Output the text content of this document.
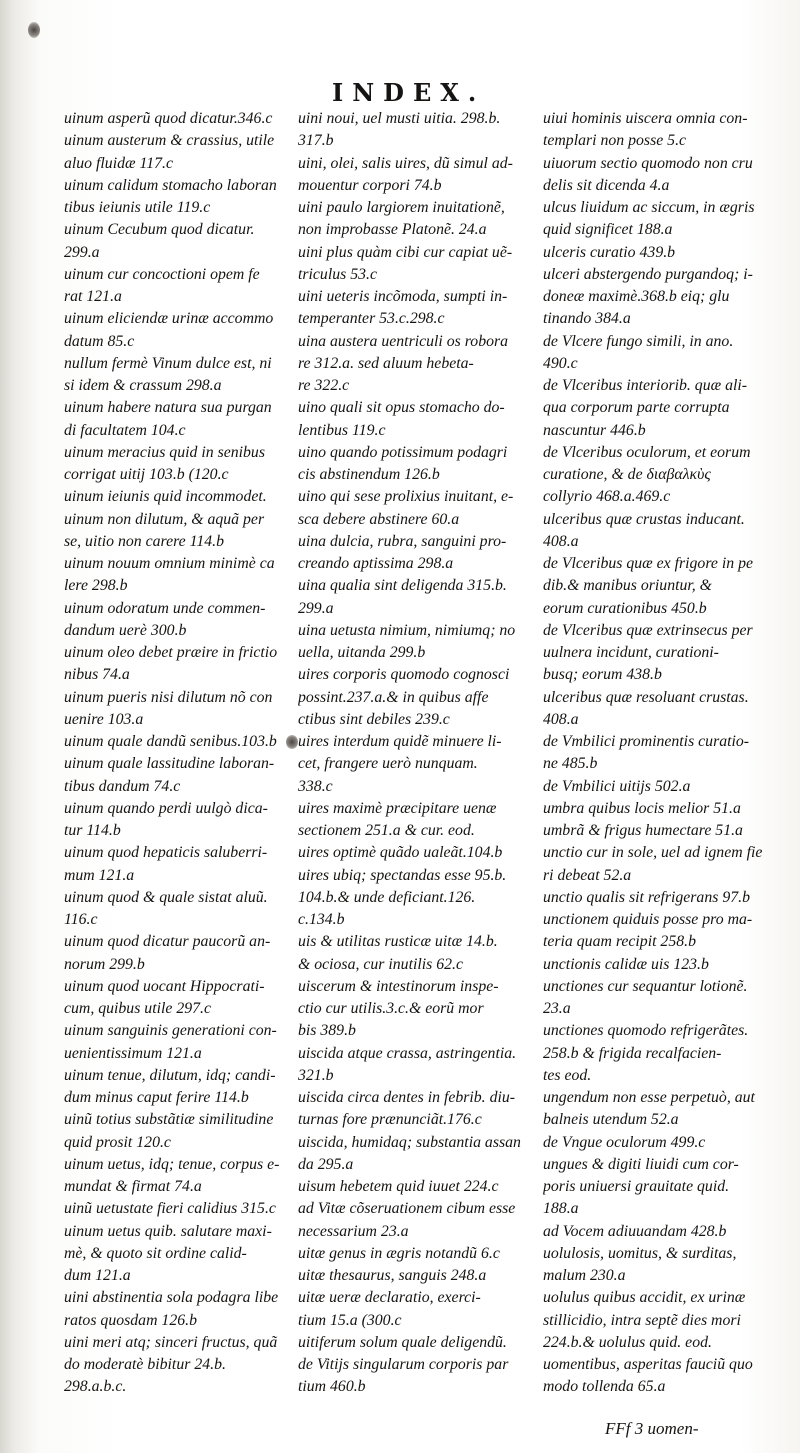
INDEX.
uinum asperũ quod dicatur.346.c
uinum austerum & crassius, utile
aluo fluidæ 117.c
uinum calidum stomacho laboran
tibus ieiunis utile 119.c
uinum Cecubum quod dicatur.
299.a
uinum cur concoctioni opem fe
rat 121.a
uinum eliciendæ urinæ accommo
datum 85.c
nullum fermè Vinum dulce est, ni
si idem & crassum 298.a
uinum habere natura sua purgan
di facultatem 104.c
uinum meracius quid in senibus
corrigat uitij 103.b (120.c
uinum ieiunis quid incommodet.
uinum non dilutum, & aquã per
se, uitio non carere 114.b
uinum nouum omnium minimè ca
lere 298.b
uinum odoratum unde commen-
dandum uerè 300.b
uinum oleo debet præire in frictio
nibus 74.a
uinum pueris nisi dilutum nõ con
uenire 103.a
uinum quale dandũ senibus.103.b
uinum quale lassitudine laboran-
tibus dandum 74.c
uinum quando perdi uulgò dica-
tur 114.b
uinum quod hepaticis saluberri-
mum 121.a
uinum quod & quale sistat aluũ.
116.c
uinum quod dicatur paucorũ an-
norum 299.b
uinum quod uocant Hippocrati-
cum, quibus utile 297.c
uinum sanguinis generationi con-
uenientissimum 121.a
uinum tenue, dilutum, idq; candi-
dum minus caput ferire 114.b
uinũ totius substãtiæ similitudine
quid prosit 120.c
uinum uetus, idq; tenue, corpus e-
mundat & firmat 74.a
uinũ uetustate fieri calidius 315.c
uinum uetus quib. salutare maxi-
mè, & quoto sit ordine calid-
dum 121.a
uini abstinentia sola podagra libe
ratos quosdam 126.b
uini meri atq; sinceri fructus, quã
do moderatè bibitur 24.b.
298.a.b.c.
uini noui, uel musti uitia. 298.b.
317.b
uini, olei, salis uires, dũ simul ad-
mouentur corpori 74.b
uini paulo largiorem inuitationẽ,
non improbasse Platonẽ. 24.a
uini plus quàm cibi cur capiat uẽ-
triculus 53.c
uini ueteris incõmoda, sumpti in-
temperanter 53.c.298.c
uina austera uentriculi os robora
re 312.a. sed aluum hebeta-
re 322.c
uino quali sit opus stomacho do-
lentibus 119.c
uino quando potissimum podagri
cis abstinendum 126.b
uino qui sese prolixius inuitant, e-
sca debere abstinere 60.a
uina dulcia, rubra, sanguini pro-
creando aptissima 298.a
uina qualia sint deligenda 315.b.
299.a
uina uetusta nimium, nimiumq; no
uella, uitanda 299.b
uires corporis quomodo cognosci
possint.237.a.& in quibus affe
ctibus sint debiles 239.c
uires interdum quidẽ minuere li-
cet, frangere uerò nunquam.
338.c
uires maximè præcipitare uenæ
sectionem 251.a & cur. eod.
uires optimè quãdo ualeãt.104.b
uires ubiq; spectandas esse 95.b.
104.b.& unde deficiant.126.
c.134.b
uis & utilitas rusticæ uitæ 14.b.
& ociosa, cur inutilis 62.c
uiscerum & intestinorum inspe-
ctio cur utilis.3.c.& eorũ mor
bis 389.b
uiscida atque crassa, astringentia.
321.b
uiscida circa dentes in febrib. diu-
turnas fore prænunciãt.176.c
uiscida, humidaq; substantia assan
da 295.a
uisum hebetem quid iuuet 224.c
ad Vitæ cõseruationem cibum esse
necessarium 23.a
uitæ genus in ægris notandũ 6.c
uitæ thesaurus, sanguis 248.a
uitæ ueræ declaratio, exerci-
tium 15.a (300.c
uitiferum solum quale deligendũ.
de Vitijs singularum corporis par
tium 460.b
uiui hominis uiscera omnia con-
templari non posse 5.c
uiuorum sectio quomodo non cru
delis sit dicenda 4.a
ulcus liuidum ac siccum, in ægris
quid significet 188.a
ulceris curatio 439.b
ulceri abstergendo purgandoq; i-
doneæ maximè.368.b eiq; glu
tinando 384.a
de Vlcere fungo simili, in ano.
490.c
de Vlceribus interiorib. quæ ali-
qua corporum parte corrupta
nascuntur 446.b
de Vlceribus oculorum, et eorum
curatione, & de διαβαλκὺς
collyrio 468.a.469.c
ulceribus quæ crustas inducant.
408.a
de Vlceribus quæ ex frigore in pe
dib.& manibus oriuntur, &
eorum curationibus 450.b
de Vlceribus quæ extrinsecus per
uulnera incidunt, curationi-
busq; eorum 438.b
ulceribus quæ resoluant crustas.
408.a
de Vmbilici prominentis curatio-
ne 485.b
de Vmbilici uitijs 502.a
umbra quibus locis melior 51.a
umbrã & frigus humectare 51.a
unctio cur in sole, uel ad ignem fie
ri debeat 52.a
unctio qualis sit refrigerans 97.b
unctionem quiduis posse pro ma-
teria quam recipit 258.b
unctionis calidæ uis 123.b
unctiones cur sequantur lotionẽ.
23.a
unctiones quomodo refrigerãtes.
258.b & frigida recalfacien-
tes eod.
ungendum non esse perpetuò, aut
balneis utendum 52.a
de Vngue oculorum 499.c
ungues & digiti liuidi cum cor-
poris uniuersi grauitate quid.
188.a
ad Vocem adiuuandam 428.b
uolulosis, uomitus, & surditas,
malum 230.a
uolulus quibus accidit, ex urinæ
stillicidio, intra septẽ dies mori
224.b.& uolulus quid. eod.
uomentibus, asperitas fauciũ quo
modo tollenda 65.a
FFf 3 uomen-
